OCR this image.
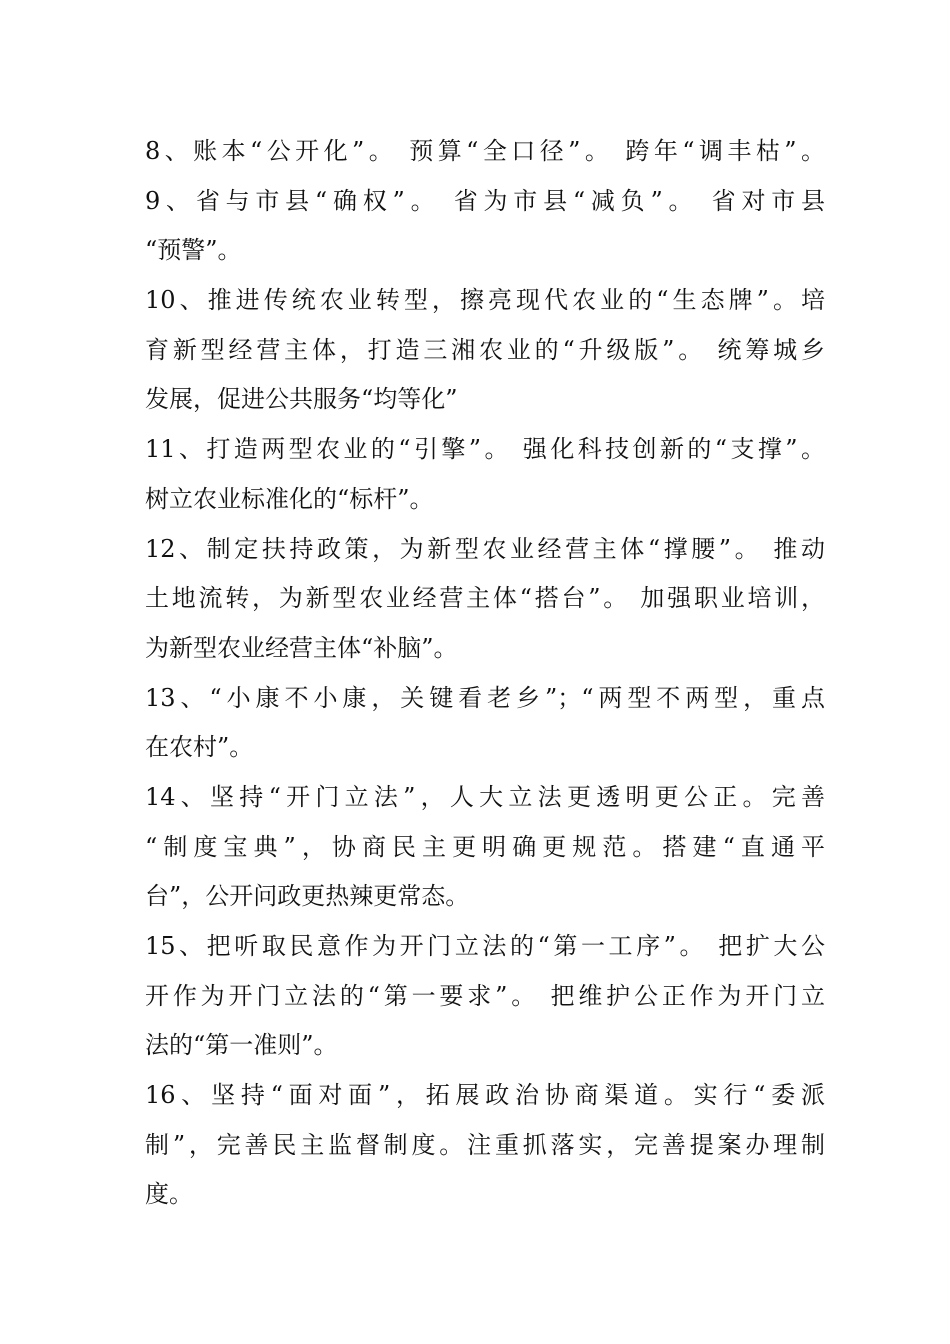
8、账本“公开化”。 预算“全口径”。 跨年“调丰枯”。
9、省与市县“确权”。 省为市县“减负”。 省对市县
“预警”。
10、推进传统农业转型，擦亮现代农业的“生态牌”。培
育新型经营主体，打造三湘农业的“升级版”。 统筹城乡
发展，促进公共服务“均等化”
11、打造两型农业的“引擎”。 强化科技创新的“支撑”。
树立农业标准化的“标杆”。
12、制定扶持政策，为新型农业经营主体“撑腰”。 推动
土地流转，为新型农业经营主体“搭台”。 加强职业培训，
为新型农业经营主体“补脑”。
13、“小康不小康，关键看老乡”；“两型不两型，重点
在农村”。
14、坚持“开门立法”，人大立法更透明更公正。完善
“制度宝典”，协商民主更明确更规范。搭建“直通平
台”，公开问政更热辣更常态。
15、把听取民意作为开门立法的“第一工序”。 把扩大公
开作为开门立法的“第一要求”。 把维护公正作为开门立
法的“第一准则”。
16、坚持“面对面”，拓展政治协商渠道。实行“委派
制”，完善民主监督制度。注重抓落实，完善提案办理制
度。
